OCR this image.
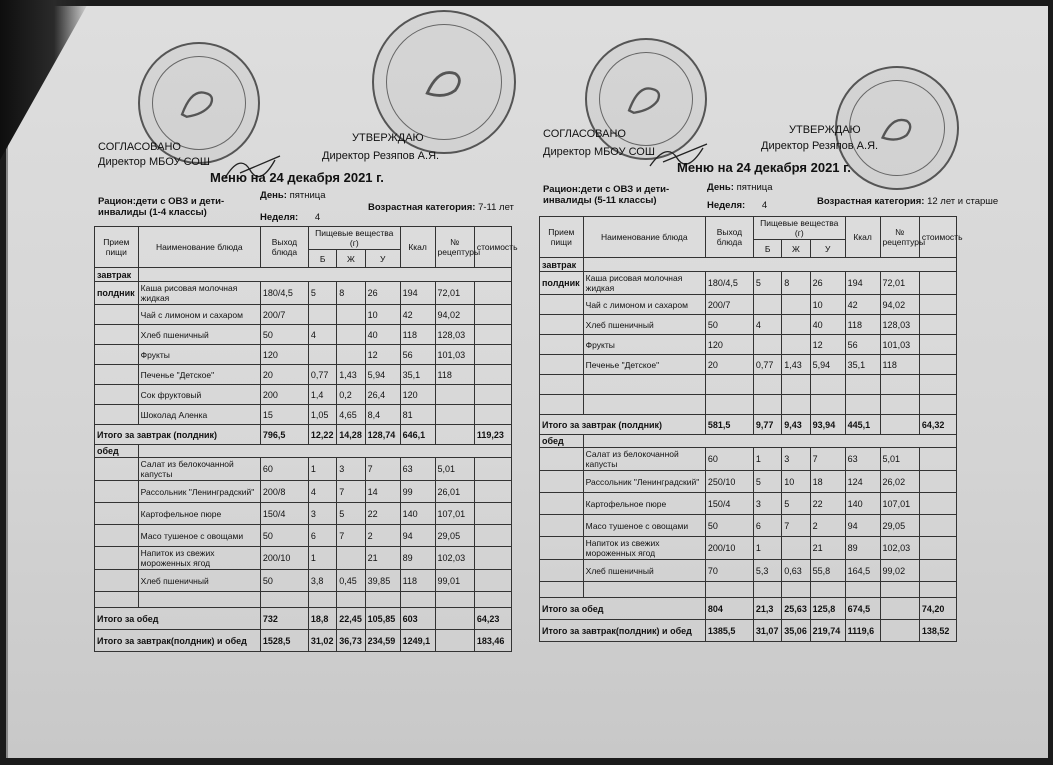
СОГЛАСОВАНО
Директор МБОУ СОШ
УТВЕРЖДАЮ
Директор Резяпов А.Я.
Меню на 24 декабря 2021 г.
Рацион:дети с ОВЗ и дети-инвалиды (1-4 классы)
День: пятница
Неделя: 4
Возрастная категория: 7-11 лет
Прием пищи	Наименование блюда	Выход блюда	Пищевые вещества (г)			Ккал	№ рецептуры	стоимость
			Б	Ж	У			
завтрак								
полдник	Каша рисовая молочная жидкая	180/4,5	5	8	26	194	72,01	
	Чай с лимоном и сахаром	200/7			10	42	94,02	
	Хлеб пшеничный	50	4		40	118	128,03	
	Фрукты	120			12	56	101,03	
	Печенье "Детское"	20	0,77	1,43	5,94	35,1	118	
	Сок фруктовый	200	1,4	0,2	26,4	120		
	Шоколад Аленка	15	1,05	4,65	8,4	81		
Итого за завтрак (полдник)		796,5	12,22	14,28	128,74	646,1		119,23
обед								
	Салат из белокочанной капусты	60	1	3	7	63	5,01	
	Рассольник "Ленинградский"	200/8	4	7	14	99	26,01	
	Картофельное пюре	150/4	3	5	22	140	107,01	
	Масо тушеное с овощами	50	6	7	2	94	29,05	
	Напиток из свежих мороженных ягод	200/10	1		21	89	102,03	
	Хлеб пшеничный	50	3,8	0,45	39,85	118	99,01	

Итого за обед		732	18,8	22,45	105,85	603		64,23
Итого за завтрак(полдник) и обед		1528,5	31,02	36,73	234,59	1249,1		183,46
СОГЛАСОВАНО
Директор МБОУ СОШ
УТВЕРЖДАЮ
Директор Резяпов А.Я.
Меню на 24 декабря 2021 г.
Рацион:дети с ОВЗ и дети-инвалиды (5-11 классы)
День: пятница
Неделя: 4	Возрастная категория: 12 лет и старше
Прием пищи	Наименование блюда	Выход блюда	Пищевые вещества (г)			Ккал	№ рецептуры	стоимость
			Б	Ж	У			
завтрак								
полдник	Каша рисовая молочная жидкая	180/4,5	5	8	26	194	72,01	
	Чай с лимоном и сахаром	200/7			10	42	94,02	
	Хлеб пшеничный	50	4		40	118	128,03	
	Фрукты	120			12	56	101,03	
	Печенье "Детское"	20	0,77	1,43	5,94	35,1	118	

Итого за завтрак (полдник)		581,5	9,77	9,43	93,94	445,1		64,32
обед								
	Салат из белокочанной капусты	60	1	3	7	63	5,01	
	Рассольник "Ленинградский"	250/10	5	10	18	124	26,02	
	Картофельное пюре	150/4	3	5	22	140	107,01	
	Масо тушеное с овощами	50	6	7	2	94	29,05	
	Напиток из свежих мороженных ягод	200/10	1		21	89	102,03	
	Хлеб пшеничный	70	5,3	0,63	55,8	164,5	99,02	

Итого за обед		804	21,3	25,63	125,8	674,5		74,20
Итого за завтрак(полдник) и обед		1385,5	31,07	35,06	219,74	1119,6		138,52
